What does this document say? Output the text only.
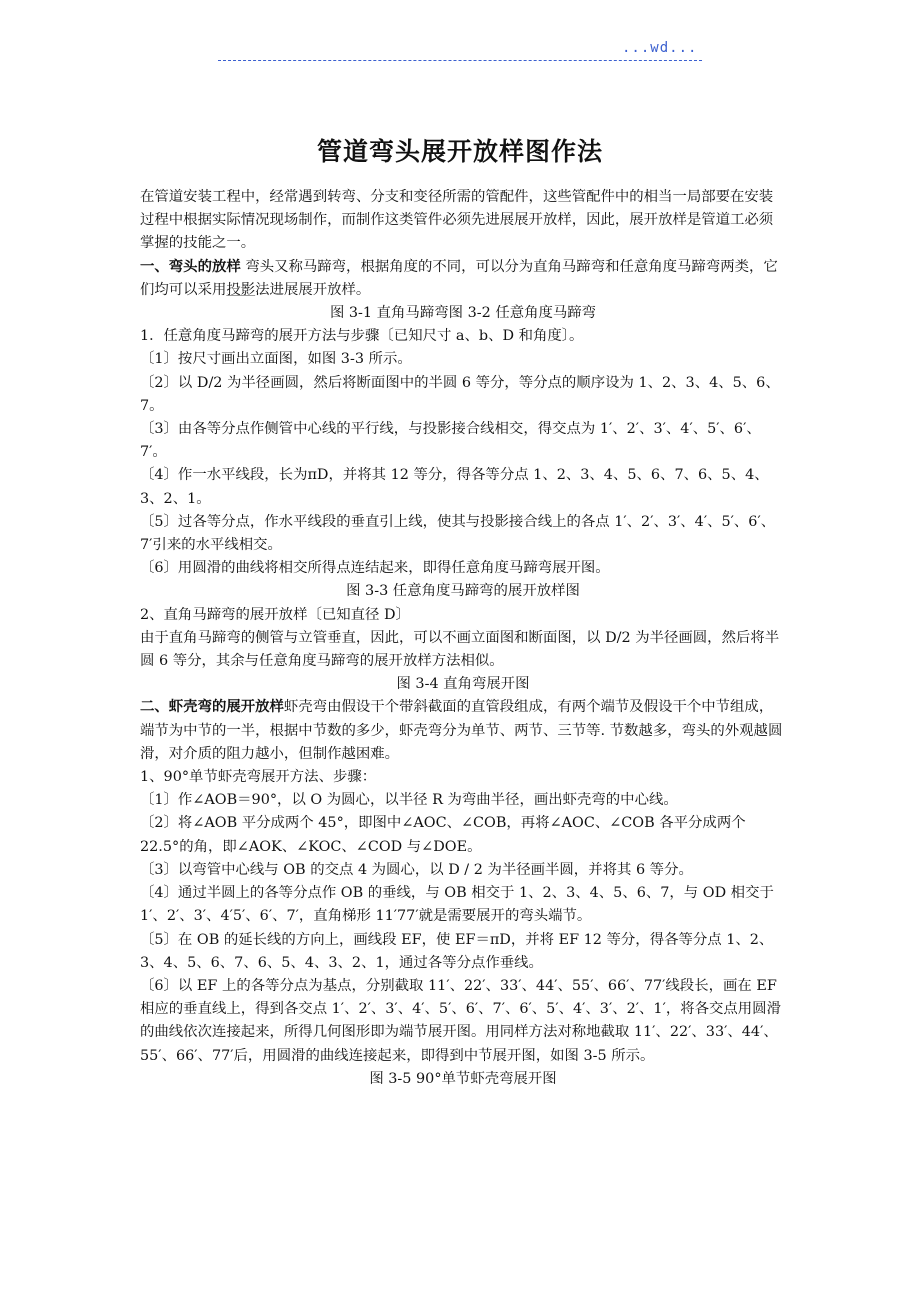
...wd...
管道弯头展开放样图作法

在管道安装工程中，经常遇到转弯、分支和变径所需的管配件，这些管配件中的相当一局部要在安装过程中根据实际情况现场制作，而制作这类管件必须先进展展开放样，因此，展开放样是管道工必须掌握的技能之一。

一、弯头的放样 弯头又称马蹄弯，根据角度的不同，可以分为直角马蹄弯和任意角度马蹄弯两类，它们均可以采用投影法进展展开放样。

图 3-1 直角马蹄弯图 3-2 任意角度马蹄弯

1．任意角度马蹄弯的展开方法与步骤〔已知尺寸 a、b、D 和角度〕。

〔1〕按尺寸画出立面图，如图 3-3 所示。

〔2〕以 D/2 为半径画圆，然后将断面图中的半圆 6 等分，等分点的顺序设为 1、2、3、4、5、6、7。

〔3〕由各等分点作侧管中心线的平行线，与投影接合线相交，得交点为 1′、2′、3′、4′、5′、6′、7′。

〔4〕作一水平线段，长为πD，并将其 12 等分，得各等分点 1、2、3、4、5、6、7、6、5、4、3、2、1。

〔5〕过各等分点，作水平线段的垂直引上线，使其与投影接合线上的各点 1′、2′、3′、4′、5′、6′、7′引来的水平线相交。

〔6〕用圆滑的曲线将相交所得点连结起来，即得任意角度马蹄弯展开图。

图 3-3 任意角度马蹄弯的展开放样图

2、直角马蹄弯的展开放样〔已知直径 D〕

由于直角马蹄弯的侧管与立管垂直，因此，可以不画立面图和断面图，以 D/2 为半径画圆，然后将半圆 6 等分，其余与任意角度马蹄弯的展开放样方法相似。

图 3-4 直角弯展开图

二、虾壳弯的展开放样虾壳弯由假设干个带斜截面的直管段组成，有两个端节及假设干个中节组成，端节为中节的一半，根据中节数的多少，虾壳弯分为单节、两节、三节等. 节数越多，弯头的外观越圆滑，对介质的阻力越小，但制作越困难。

1、90°单节虾壳弯展开方法、步骤：

〔1〕作∠AOB＝90°，以 O 为圆心，以半径 R 为弯曲半径，画出虾壳弯的中心线。

〔2〕将∠AOB 平分成两个 45°，即图中∠AOC、∠COB，再将∠AOC、∠COB 各平分成两个 22.5°的角，即∠AOK、∠KOC、∠COD 与∠DOE。

〔3〕以弯管中心线与 OB 的交点 4 为圆心，以 D / 2 为半径画半圆，并将其 6 等分。

〔4〕通过半圆上的各等分点作 OB 的垂线，与 OB 相交于 1、2、3、4、5、6、7，与 OD 相交于 1′、2′、3′、4′5′、6′、7′，直角梯形 11′77′就是需要展开的弯头端节。

〔5〕在 OB 的延长线的方向上，画线段 EF，使 EF＝πD，并将 EF 12 等分，得各等分点 1、2、3、4、5、6、7、6、5、4、3、2、1，通过各等分点作垂线。

〔6〕以 EF 上的各等分点为基点，分别截取 11′、22′、33′、44′、55′、66′、77′线段长，画在 EF 相应的垂直线上，得到各交点 1′、2′、3′、4′、5′、6′、7′、6′、5′、4′、3′、2′、1′，将各交点用圆滑的曲线依次连接起来，所得几何图形即为端节展开图。用同样方法对称地截取 11′、22′、33′、44′、55′、66′、77′后，用圆滑的曲线连接起来，即得到中节展开图，如图 3-5 所示。

图 3-5 90°单节虾壳弯展开图
